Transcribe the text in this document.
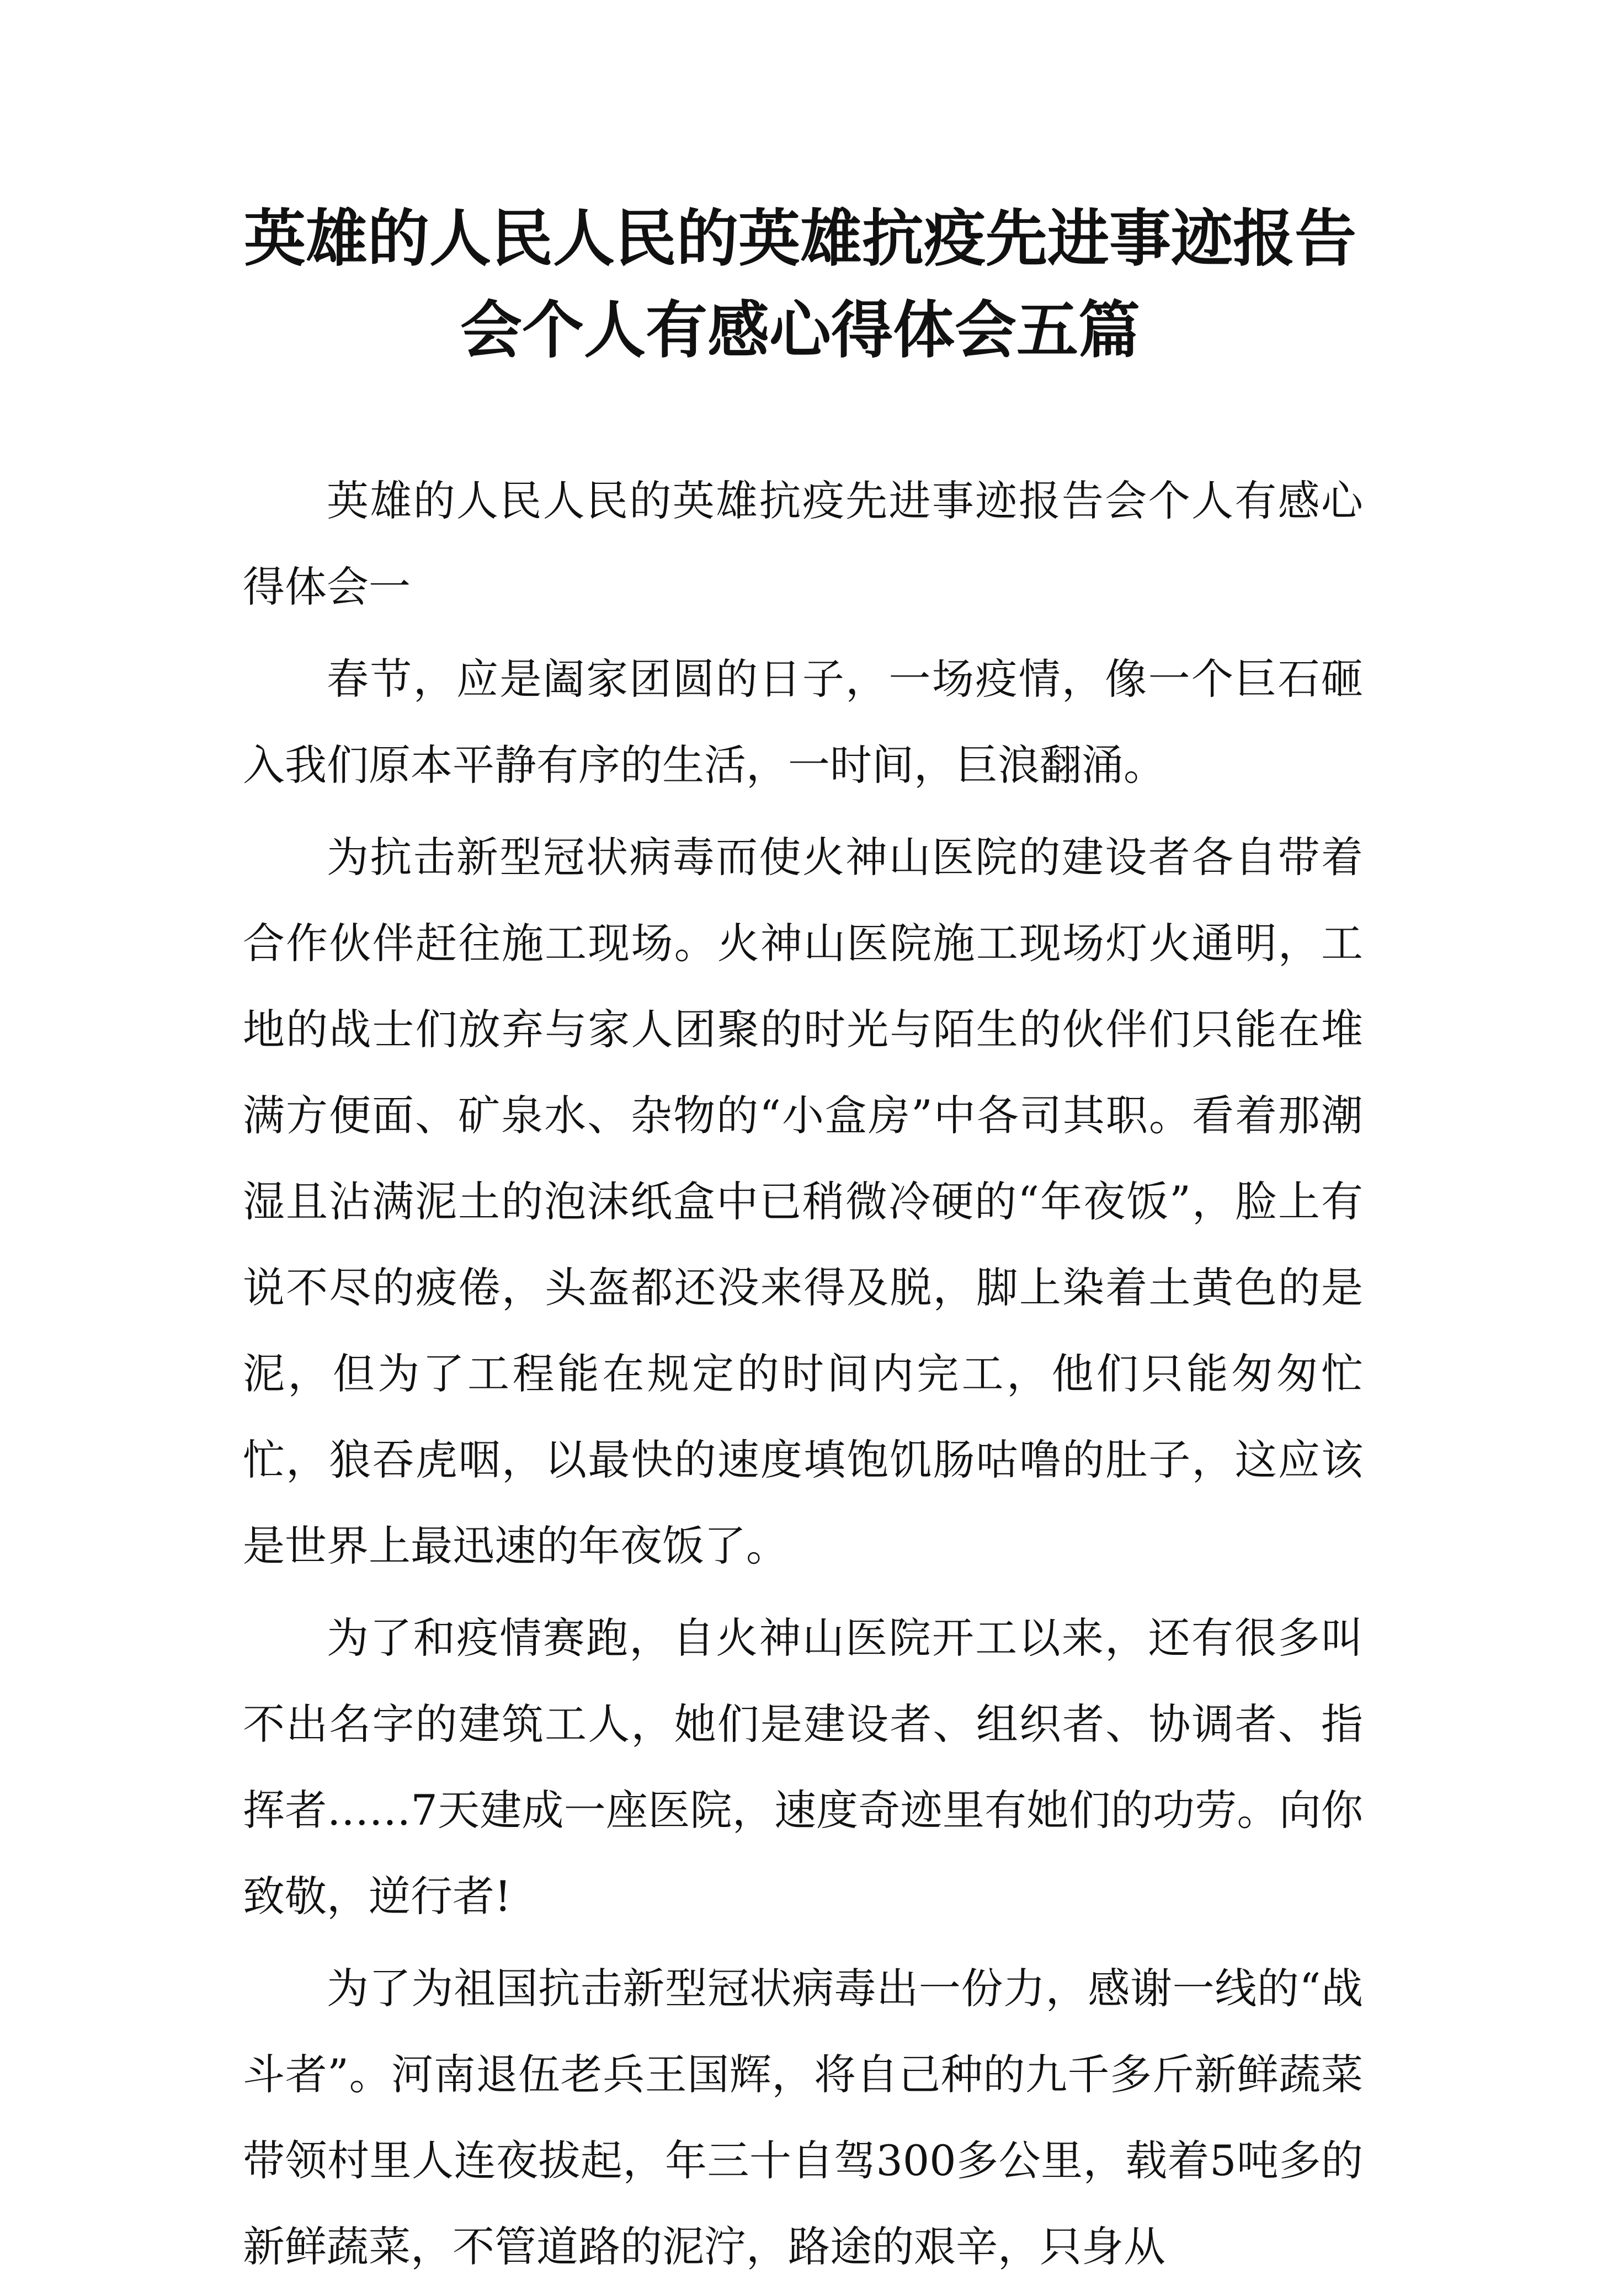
英雄的人民人民的英雄抗疫先进事迹报告
会个人有感心得体会五篇

英雄的人民人民的英雄抗疫先进事迹报告会个人有感心得体会一

春节，应是阖家团圆的日子，一场疫情，像一个巨石砸入我们原本平静有序的生活，一时间，巨浪翻涌。

为抗击新型冠状病毒而使火神山医院的建设者各自带着合作伙伴赶往施工现场。火神山医院施工现场灯火通明，工地的战士们放弃与家人团聚的时光与陌生的伙伴们只能在堆满方便面、矿泉水、杂物的“小盒房”中各司其职。看着那潮湿且沾满泥土的泡沫纸盒中已稍微冷硬的“年夜饭”，脸上有说不尽的疲倦，头盔都还没来得及脱，脚上染着土黄色的是泥，但为了工程能在规定的时间内完工，他们只能匆匆忙忙，狼吞虎咽，以最快的速度填饱饥肠咕噜的肚子，这应该是世界上最迅速的年夜饭了。

为了和疫情赛跑，自火神山医院开工以来，还有很多叫不出名字的建筑工人，她们是建设者、组织者、协调者、指挥者……7天建成一座医院，速度奇迹里有她们的功劳。向你致敬，逆行者!

为了为祖国抗击新型冠状病毒出一份力，感谢一线的“战斗者”。河南退伍老兵王国辉，将自己种的九千多斤新鲜蔬菜带领村里人连夜拔起，年三十自驾300多公里，载着5吨多的新鲜蔬菜，不管道路的泥泞，路途的艰辛，只身从
